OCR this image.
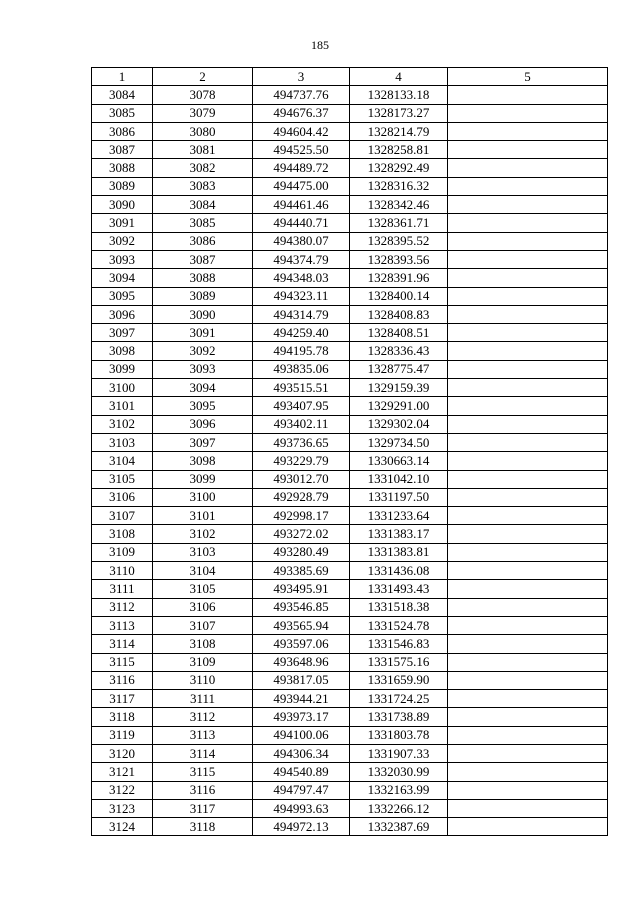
185
1	2	3	4	5
3084	3078	494737.76	1328133.18	
3085	3079	494676.37	1328173.27	
3086	3080	494604.42	1328214.79	
3087	3081	494525.50	1328258.81	
3088	3082	494489.72	1328292.49	
3089	3083	494475.00	1328316.32	
3090	3084	494461.46	1328342.46	
3091	3085	494440.71	1328361.71	
3092	3086	494380.07	1328395.52	
3093	3087	494374.79	1328393.56	
3094	3088	494348.03	1328391.96	
3095	3089	494323.11	1328400.14	
3096	3090	494314.79	1328408.83	
3097	3091	494259.40	1328408.51	
3098	3092	494195.78	1328336.43	
3099	3093	493835.06	1328775.47	
3100	3094	493515.51	1329159.39	
3101	3095	493407.95	1329291.00	
3102	3096	493402.11	1329302.04	
3103	3097	493736.65	1329734.50	
3104	3098	493229.79	1330663.14	
3105	3099	493012.70	1331042.10	
3106	3100	492928.79	1331197.50	
3107	3101	492998.17	1331233.64	
3108	3102	493272.02	1331383.17	
3109	3103	493280.49	1331383.81	
3110	3104	493385.69	1331436.08	
3111	3105	493495.91	1331493.43	
3112	3106	493546.85	1331518.38	
3113	3107	493565.94	1331524.78	
3114	3108	493597.06	1331546.83	
3115	3109	493648.96	1331575.16	
3116	3110	493817.05	1331659.90	
3117	3111	493944.21	1331724.25	
3118	3112	493973.17	1331738.89	
3119	3113	494100.06	1331803.78	
3120	3114	494306.34	1331907.33	
3121	3115	494540.89	1332030.99	
3122	3116	494797.47	1332163.99	
3123	3117	494993.63	1332266.12	
3124	3118	494972.13	1332387.69	
